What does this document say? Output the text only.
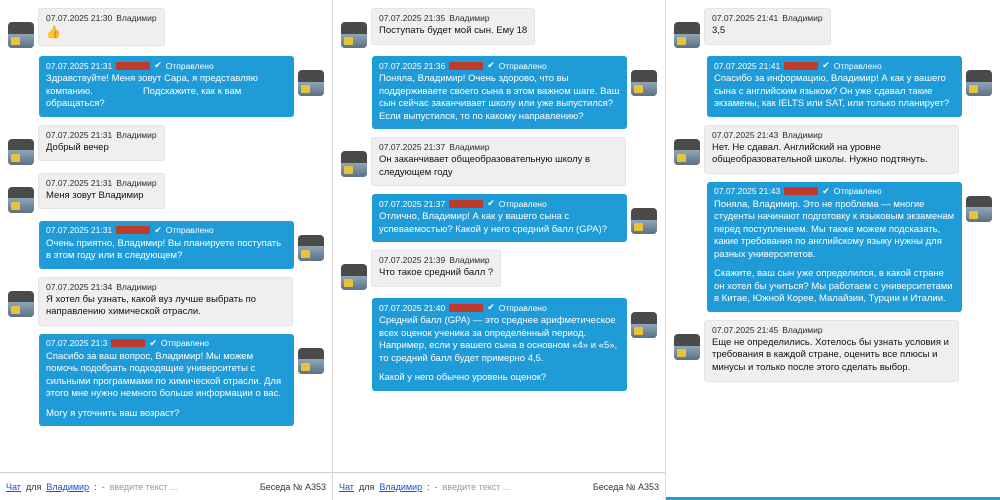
07.07.2025 21:30 Владимир
👍
07.07.2025 21:31	✔ Отправлено
Здравствуйте! Меня зовут Сара, я представляю компанию.                   Подскажите, как к вам обращаться?
07.07.2025 21:31 Владимир
Добрый вечер
07.07.2025 21:31 Владимир
Меня зовут Владимир
07.07.2025 21:31	✔ Отправлено
Очень приятно, Владимир! Вы планируете поступать в этом году или в следующем?
07.07.2025 21:34 Владимир
Я хотел бы узнать, какой вуз лучше выбрать по направлению химической отрасли.
07.07.2025 21:3	✔ Отправлено
Спасибо за ваш вопрос, Владимир! Мы можем помочь подобрать подходящие университеты с сильными программами по химической отрасли. Для этого мне нужно немного больше информации о вас.
Могу я уточнить ваш возраст?
Чат для Владимир : - введите текст ...	Беседа № A353
07.07.2025 21:35 Владимир
Поступать будет мой сын. Ему 18
07.07.2025 21:36	✔ Отправлено
Поняла, Владимир! Очень здорово, что вы поддерживаете своего сына в этом важном шаге. Ваш сын сейчас заканчивает школу или уже выпустился? Если выпустился, то по какому направлению?
07.07.2025 21:37 Владимир
Он заканчивает общеобразовательную школу в следующем году
07.07.2025 21:37	✔ Отправлено
Отлично, Владимир! А как у вашего сына с успеваемостью? Какой у него средний балл (GPA)?
07.07.2025 21:39 Владимир
Что такое средний балл ?
07.07.2025 21:40	✔ Отправлено
Средний балл (GPA) — это среднее арифметическое всех оценок ученика за определённый период. Например, если у вашего сына в основном «4» и «5», то средний балл будет примерно 4,5.
Какой у него обычно уровень оценок?
Чат для Владимир : - введите текст ...	Беседа № A353
07.07.2025 21:41 Владимир
3,5
07.07.2025 21:41	✔ Отправлено
Спасибо за информацию, Владимир! А как у вашего сына с английским языком? Он уже сдавал такие экзамены, как IELTS или SAT, или только планирует?
07.07.2025 21:43 Владимир
Нет. Не сдавал. Английский на уровне общеобразовательной школы. Нужно подтянуть.
07.07.2025 21:43	✔ Отправлено
Поняла, Владимир. Это не проблема — многие студенты начинают подготовку к языковым экзаменам перед поступлением. Мы также можем подсказать, какие требования по английскому языку нужны для разных университетов.
Скажите, ваш сын уже определился, в какой стране он хотел бы учиться? Мы работаем с университетами в Китае, Южной Корее, Малайзии, Турции и Италии.
07.07.2025 21:45 Владимир
Еще не определились. Хотелось бы узнать условия и требования в каждой стране, оценить все плюсы и минусы и только после этого сделать выбор.
